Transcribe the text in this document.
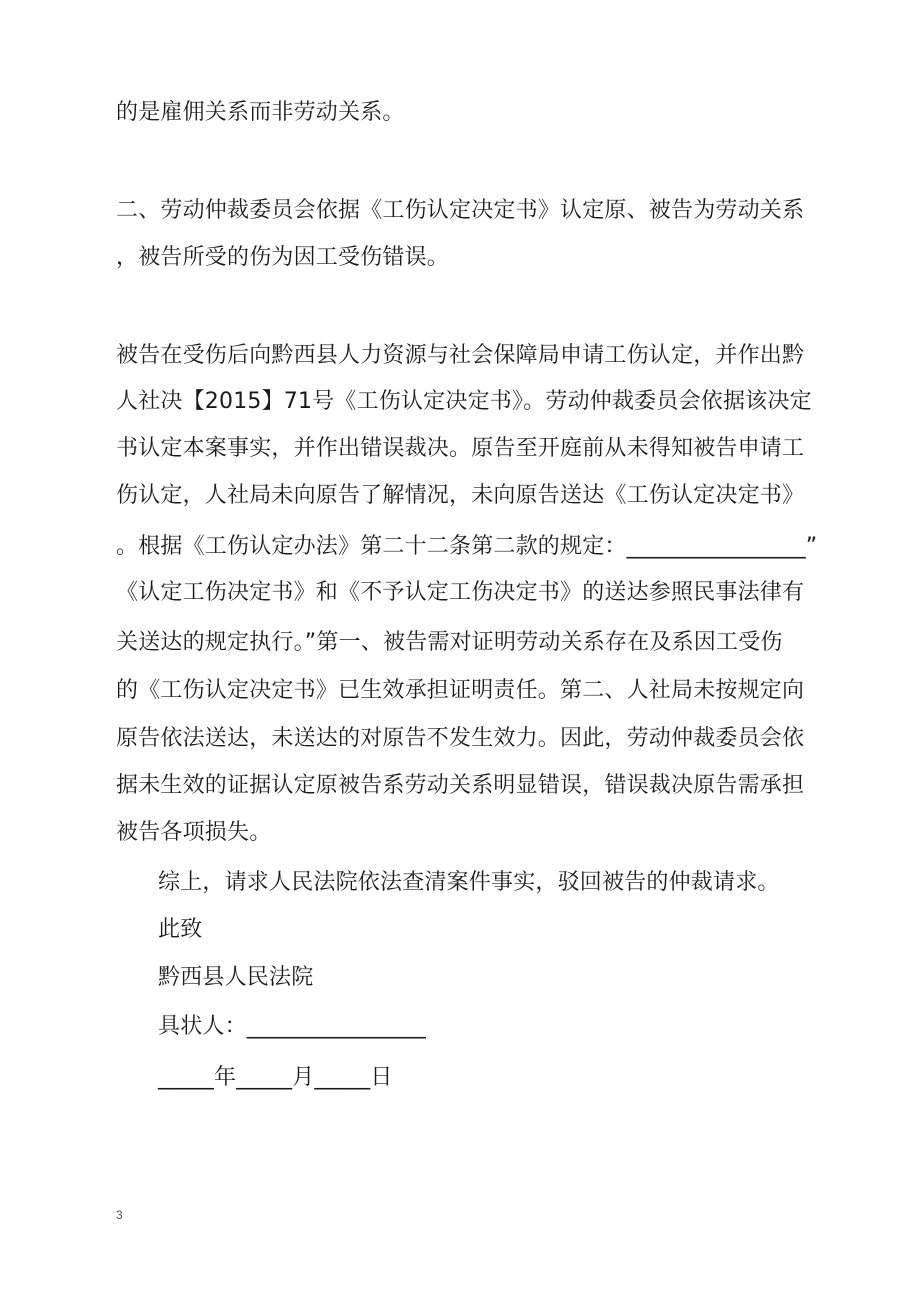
的是雇佣关系而非劳动关系。
二、劳动仲裁委员会依据《工伤认定决定书》认定原、被告为劳动关系
，被告所受的伤为因工受伤错误。
被告在受伤后向黔西县人力资源与社会保障局申请工伤认定，并作出黔
人社决【2015】71号《工伤认定决定书》。劳动仲裁委员会依据该决定
书认定本案事实，并作出错误裁决。原告至开庭前从未得知被告申请工
伤认定，人社局未向原告了解情况，未向原告送达《工伤认定决定书》
。根据《工伤认定办法》第二十二条第二款的规定：________________”
《认定工伤决定书》和《不予认定工伤决定书》的送达参照民事法律有
关送达的规定执行。”第一、被告需对证明劳动关系存在及系因工受伤
的《工伤认定决定书》已生效承担证明责任。第二、人社局未按规定向
原告依法送达，未送达的对原告不发生效力。因此，劳动仲裁委员会依
据未生效的证据认定原被告系劳动关系明显错误，错误裁决原告需承担
被告各项损失。
综上，请求人民法院依法查清案件事实，驳回被告的仲裁请求。
此致
黔西县人民法院
具状人：________________
_____年_____月_____日
3
